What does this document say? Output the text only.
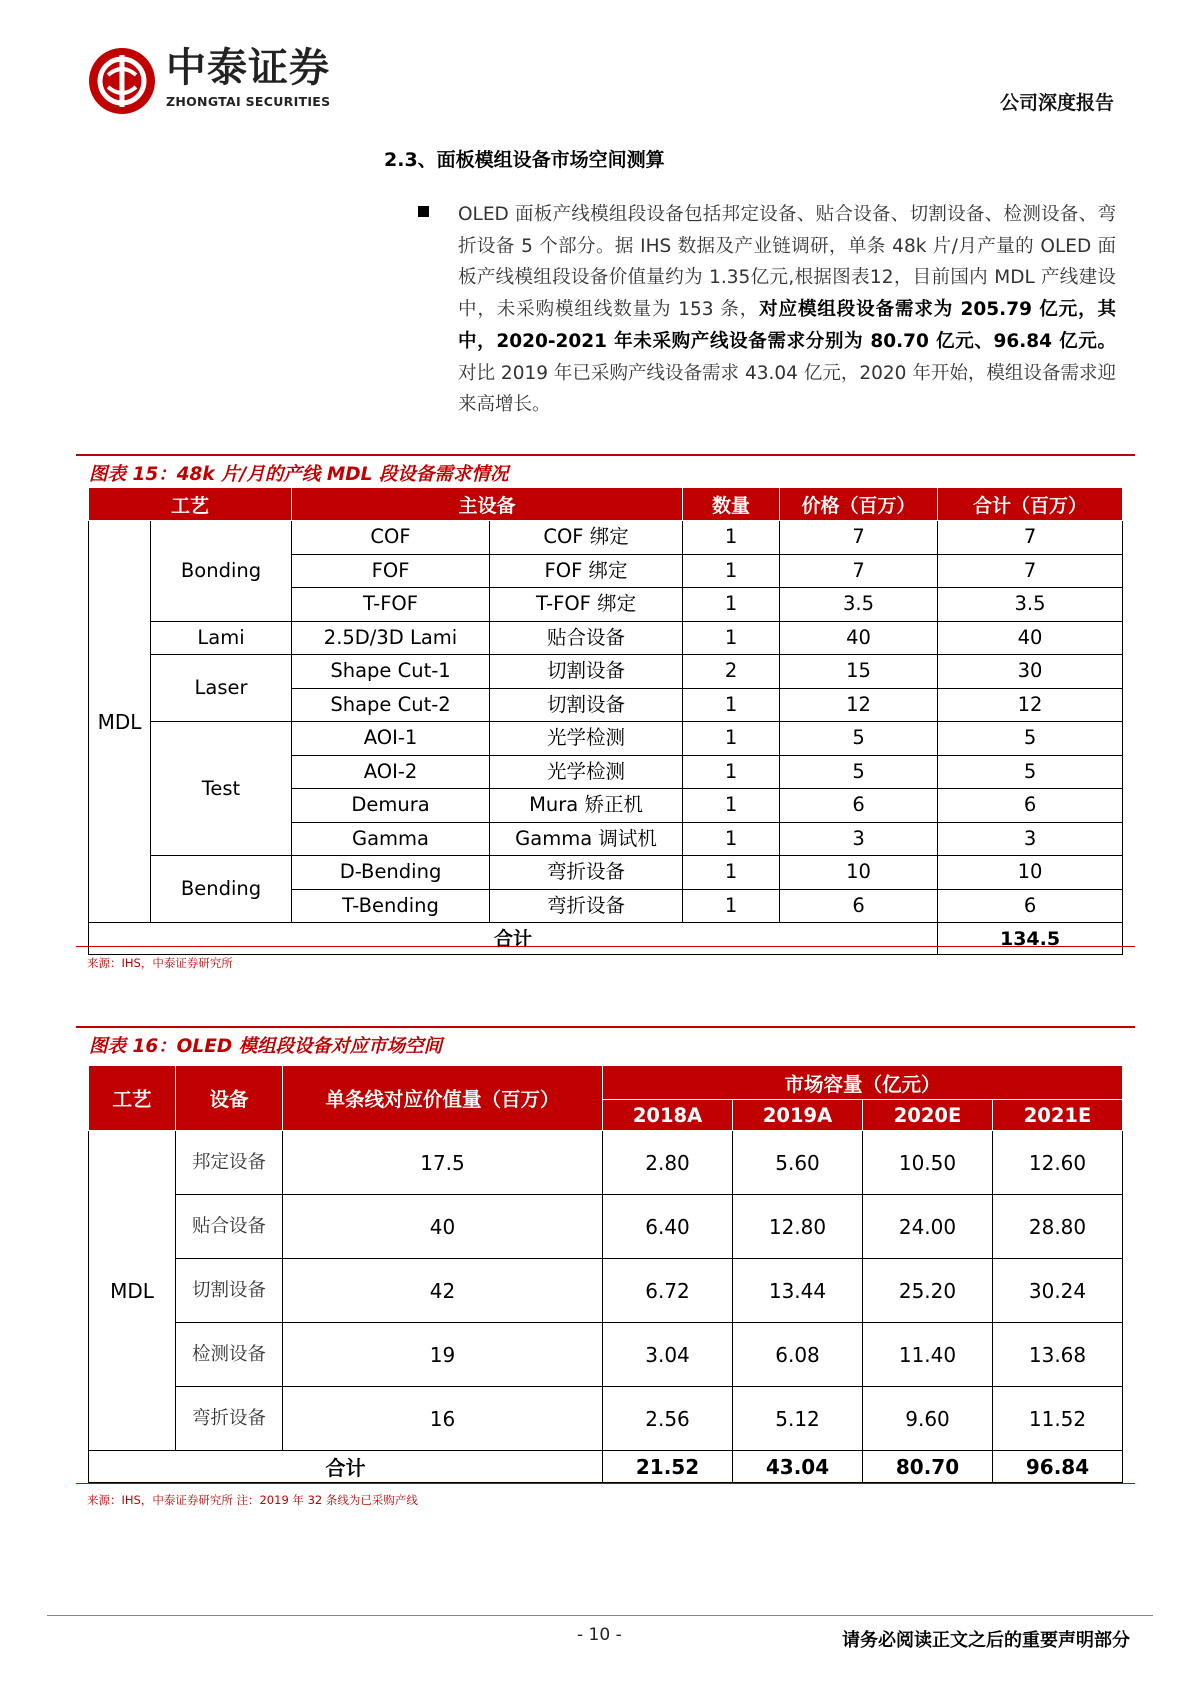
中泰证券
ZHONGTAI SECURITIES	公司深度报告
2.3、面板模组设备市场空间测算
OLED 面板产线模组段设备包括邦定设备、贴合设备、切割设备、检测设备、弯折设备 5 个部分。据 IHS 数据及产业链调研，单条 48k 片/月产量的 OLED 面板产线模组段设备价值量约为 1.35亿元,根据图表12，目前国内 MDL 产线建设中，未采购模组线数量为 153 条，对应模组段设备需求为 205.79 亿元，其中，2020-2021 年未采购产线设备需求分别为 80.70 亿元、96.84 亿元。对比 2019 年已采购产线设备需求 43.04 亿元，2020 年开始，模组设备需求迎来高增长。
图表 15：48k 片/月的产线 MDL 段设备需求情况
工艺		主设备		数量	价格（百万）	合计（百万）
MDL	Bonding	COF	COF 绑定	1	7	7
		FOF	FOF 绑定	1	7	7
		T-FOF	T-FOF 绑定	1	3.5	3.5
	Lami	2.5D/3D Lami	贴合设备	1	40	40
	Laser	Shape Cut-1	切割设备	2	15	30
		Shape Cut-2	切割设备	1	12	12
	Test	AOI-1	光学检测	1	5	5
		AOI-2	光学检测	1	5	5
		Demura	Mura 矫正机	1	6	6
		Gamma	Gamma 调试机	1	3	3
	Bending	D-Bending	弯折设备	1	10	10
		T-Bending	弯折设备	1	6	6
合计						134.5
来源：IHS，中泰证券研究所
图表 16：OLED 模组段设备对应市场空间
工艺	设备	单条线对应价值量（百万）	市场容量（亿元）			
			2018A	2019A	2020E	2021E
MDL	邦定设备	17.5	2.80	5.60	10.50	12.60
	贴合设备	40	6.40	12.80	24.00	28.80
	切割设备	42	6.72	13.44	25.20	30.24
	检测设备	19	3.04	6.08	11.40	13.68
	弯折设备	16	2.56	5.12	9.60	11.52
合计			21.52	43.04	80.70	96.84
来源：IHS，中泰证券研究所 注：2019 年 32 条线为已采购产线
- 10 -	请务必阅读正文之后的重要声明部分
